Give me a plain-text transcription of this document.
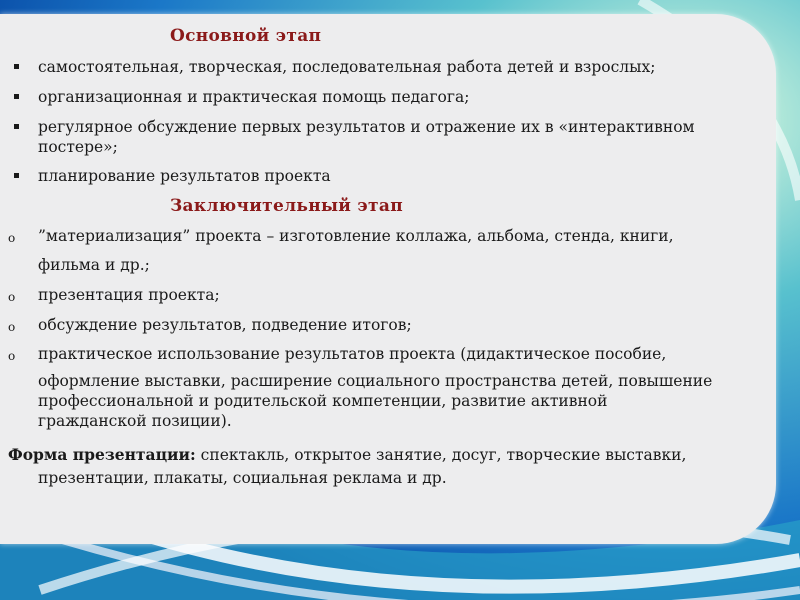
Основной этап
самостоятельная, творческая, последовательная работа детей и взрослых;
организационная и практическая помощь педагога;
регулярное обсуждение первых результатов и отражение их в «интерактивном
постере»;
планирование результатов проекта
Заключительный этап
o ”материализация” проекта – изготовление коллажа, альбома, стенда, книги,
фильма и др.;
o презентация проекта;
o обсуждение результатов, подведение итогов;
o практическое использование результатов проекта (дидактическое пособие,
оформление выставки, расширение социального пространства детей, повышение
профессиональной и родительской компетенции, развитие активной
гражданской позиции).
Форма презентации: спектакль, открытое занятие, досуг, творческие выставки,
презентации, плакаты, социальная реклама и др.
